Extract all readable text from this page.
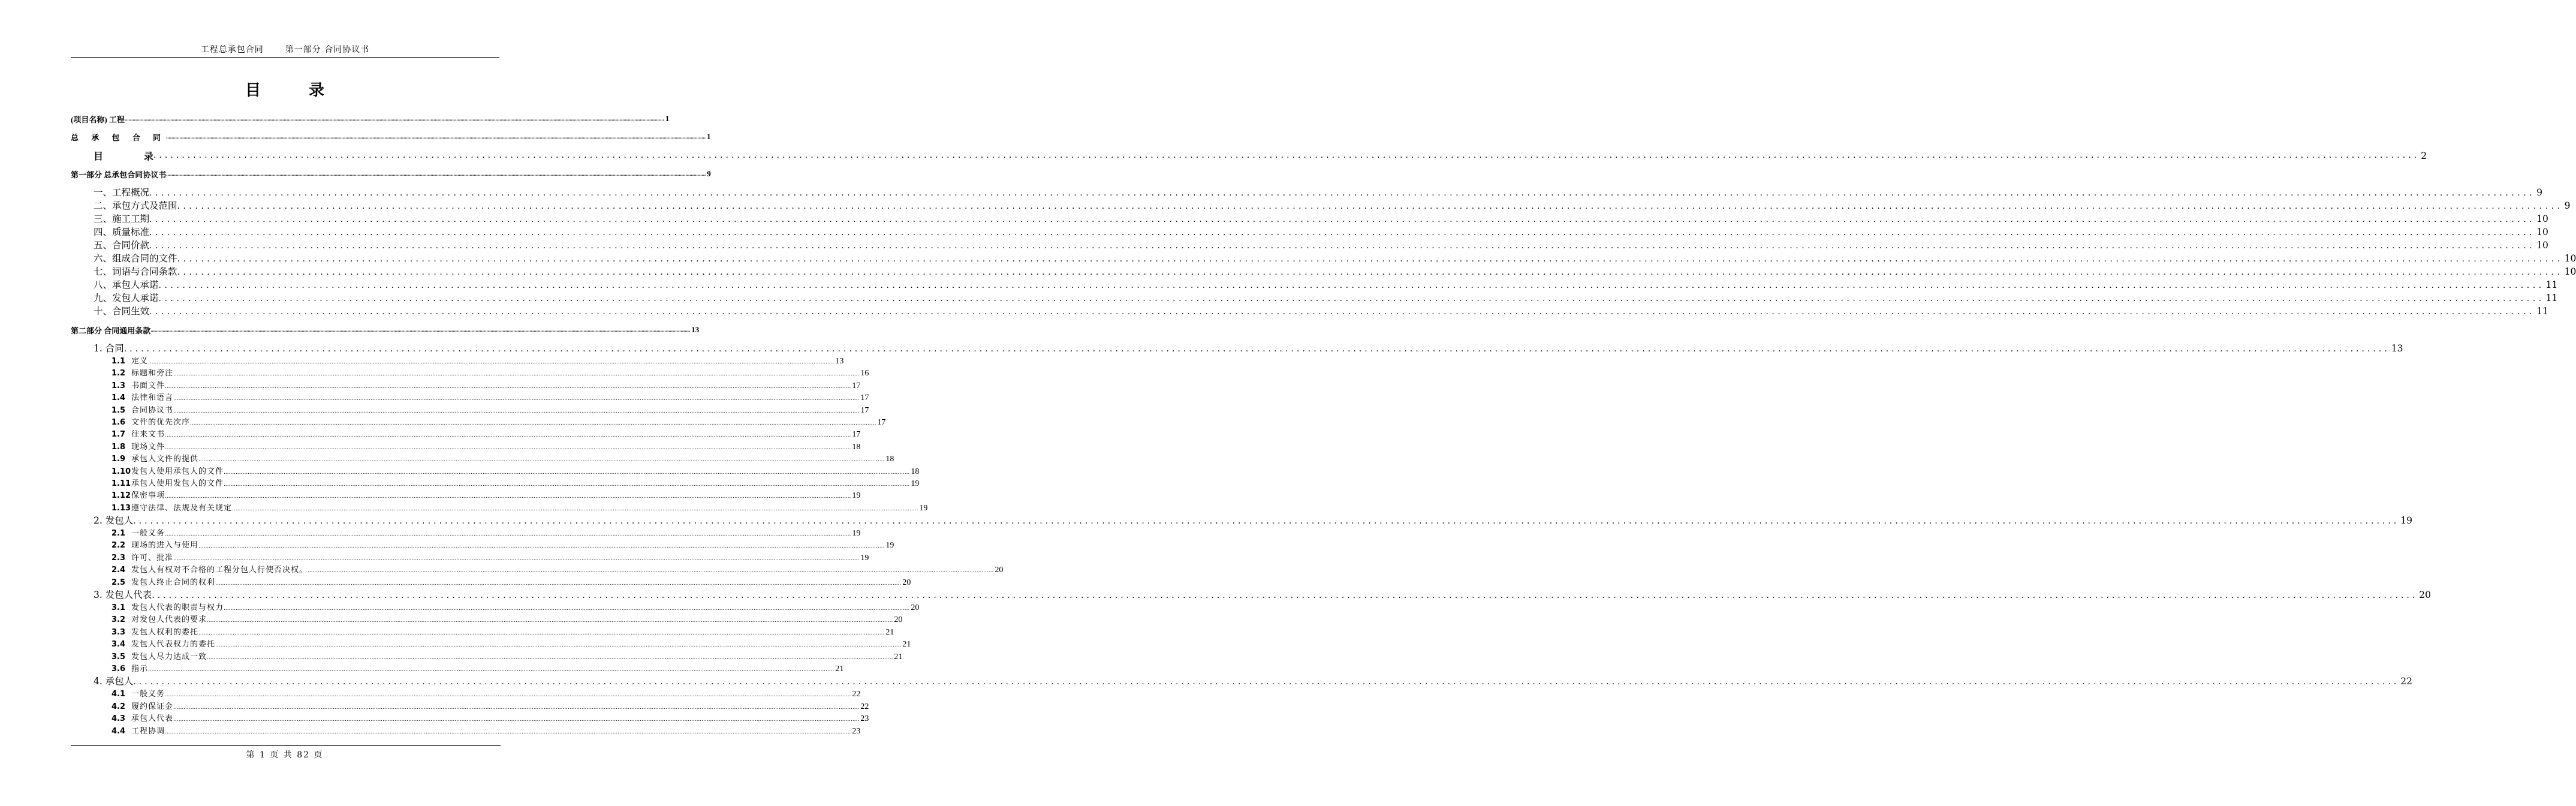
工程总承包合同	第一部分 合同协议书
目	录
(项目名称) 工程 ................................................................................................................................................................................................................................................................................................................................................................................................................ 1
总 承 包 合 同 ................................................................................................................................................................................................................................................................................................................................................................................................................ 1
目	录 ................................................................................................................................................................................................................................................................................................................................................................................................................ 2
第一部分 总承包合同协议书 ................................................................................................................................................................................................................................................................................................................................................................................................................ 9
一、工程概况 ................................................................................................................................................................................................................................................................................................................................................................................................................ 9
二、承包方式及范围 ................................................................................................................................................................................................................................................................................................................................................................................................................ 9
三、施工工期 ................................................................................................................................................................................................................................................................................................................................................................................................................ 10
四、质量标准 ................................................................................................................................................................................................................................................................................................................................................................................................................ 10
五、合同价款 ................................................................................................................................................................................................................................................................................................................................................................................................................ 10
六、组成合同的文件 ................................................................................................................................................................................................................................................................................................................................................................................................................ 10
七、词语与合同条款 ................................................................................................................................................................................................................................................................................................................................................................................................................ 10
八、承包人承诺 ................................................................................................................................................................................................................................................................................................................................................................................................................ 11
九、发包人承诺 ................................................................................................................................................................................................................................................................................................................................................................................................................ 11
十、合同生效 ................................................................................................................................................................................................................................................................................................................................................................................................................ 11
第二部分 合同通用条款 ................................................................................................................................................................................................................................................................................................................................................................................................................ 13
1. 合同 ................................................................................................................................................................................................................................................................................................................................................................................................................ 13
1.1 定义 ................................................................................................................................................................................................................................................................................................................................................................................................................ 13
1.2 标题和旁注 ................................................................................................................................................................................................................................................................................................................................................................................................................ 16
1.3 书面文件 ................................................................................................................................................................................................................................................................................................................................................................................................................ 17
1.4 法律和语言 ................................................................................................................................................................................................................................................................................................................................................................................................................ 17
1.5 合同协议书 ................................................................................................................................................................................................................................................................................................................................................................................................................ 17
1.6 文件的优先次序 ................................................................................................................................................................................................................................................................................................................................................................................................................ 17
1.7 往来文书 ................................................................................................................................................................................................................................................................................................................................................................................................................ 17
1.8 现场文件 ................................................................................................................................................................................................................................................................................................................................................................................................................ 18
1.9 承包人文件的提供 ................................................................................................................................................................................................................................................................................................................................................................................................................ 18
1.10发包人使用承包人的文件 ................................................................................................................................................................................................................................................................................................................................................................................................................ 18
1.11承包人使用发包人的文件 ................................................................................................................................................................................................................................................................................................................................................................................................................ 19
1.12保密事项 ................................................................................................................................................................................................................................................................................................................................................................................................................ 19
1.13遵守法律、法规及有关规定 ................................................................................................................................................................................................................................................................................................................................................................................................................ 19
2. 发包人 ................................................................................................................................................................................................................................................................................................................................................................................................................ 19
2.1 一般义务 ................................................................................................................................................................................................................................................................................................................................................................................................................ 19
2.2 现场的进入与使用 ................................................................................................................................................................................................................................................................................................................................................................................................................ 19
2.3 许可、批准 ................................................................................................................................................................................................................................................................................................................................................................................................................ 19
2.4 发包人有权对不合格的工程分包人行使否决权。 ................................................................................................................................................................................................................................................................................................................................................................................................................ 20
2.5 发包人终止合同的权利 ................................................................................................................................................................................................................................................................................................................................................................................................................ 20
3. 发包人代表 ................................................................................................................................................................................................................................................................................................................................................................................................................ 20
3.1 发包人代表的职责与权力 ................................................................................................................................................................................................................................................................................................................................................................................................................ 20
3.2 对发包人代表的要求 ................................................................................................................................................................................................................................................................................................................................................................................................................ 20
3.3 发包人权利的委托 ................................................................................................................................................................................................................................................................................................................................................................................................................ 21
3.4 发包人代表权力的委托 ................................................................................................................................................................................................................................................................................................................................................................................................................ 21
3.5 发包人尽力达成一致 ................................................................................................................................................................................................................................................................................................................................................................................................................ 21
3.6 指示 ................................................................................................................................................................................................................................................................................................................................................................................................................ 21
4. 承包人 ................................................................................................................................................................................................................................................................................................................................................................................................................ 22
4.1 一般义务 ................................................................................................................................................................................................................................................................................................................................................................................................................ 22
4.2 履约保证金 ................................................................................................................................................................................................................................................................................................................................................................................................................ 22
4.3 承包人代表 ................................................................................................................................................................................................................................................................................................................................................................................................................ 23
4.4 工程协调 ................................................................................................................................................................................................................................................................................................................................................................................................................ 23
第 1 页 共 82 页
